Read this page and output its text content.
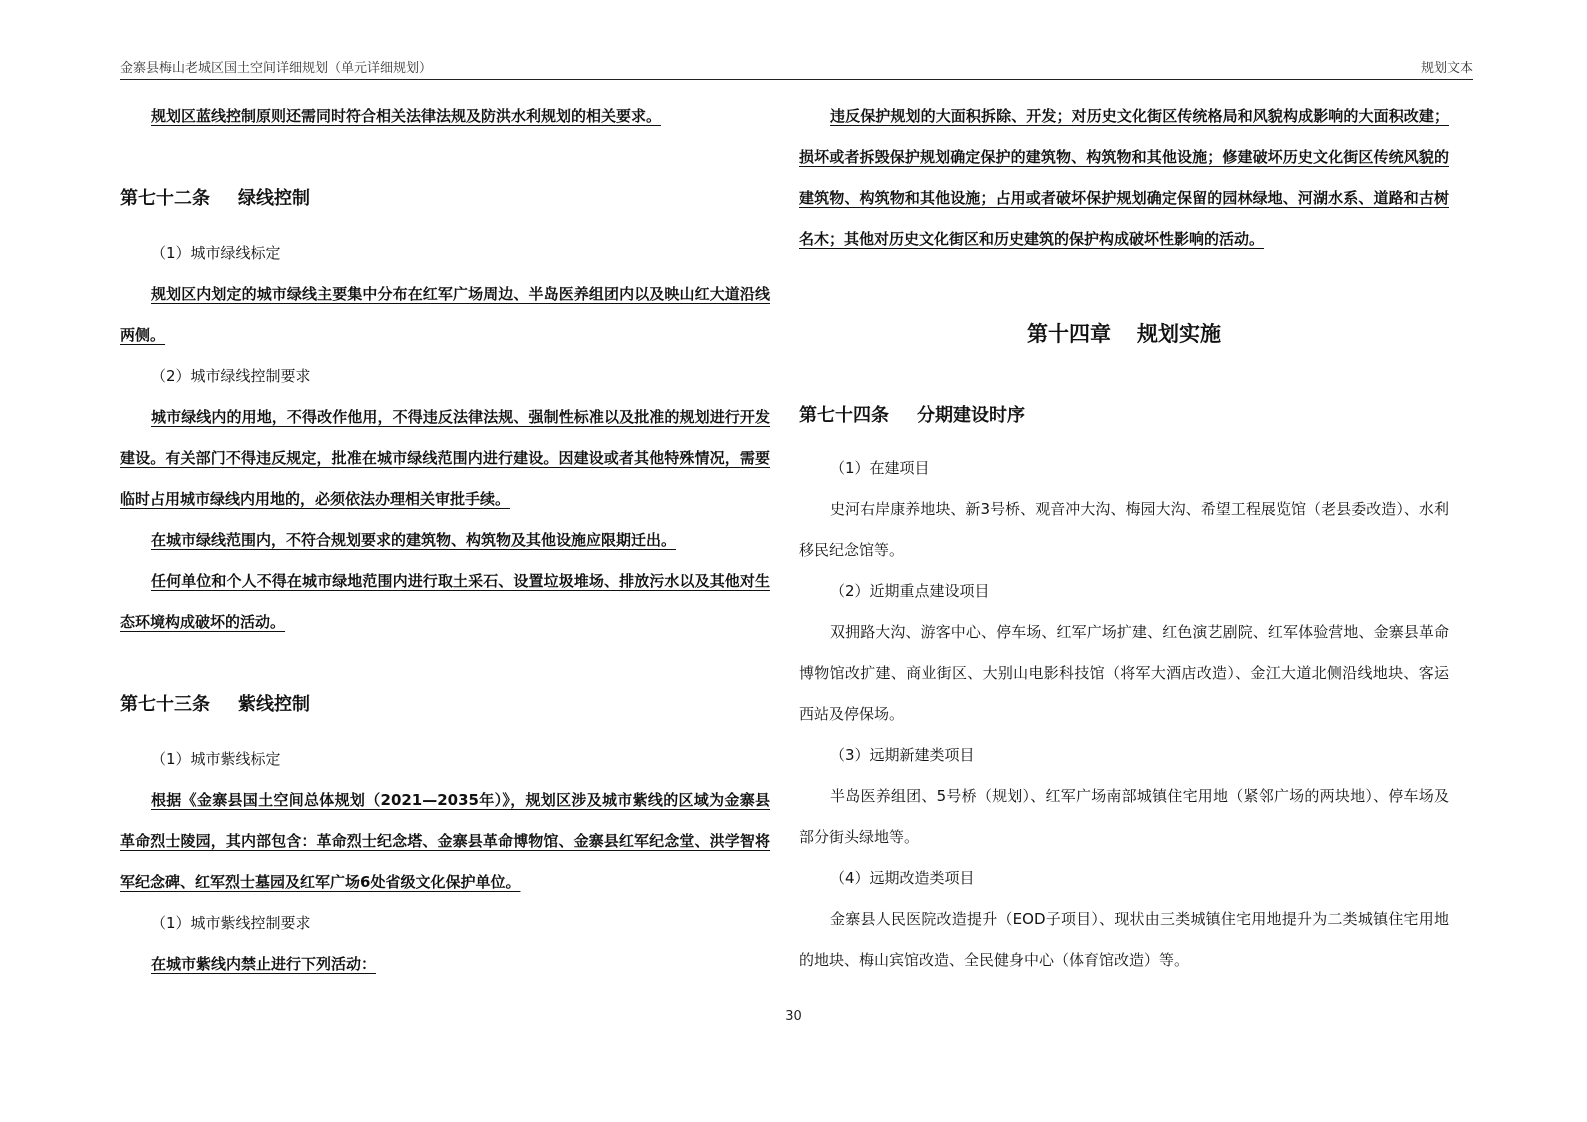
金寨县梅山老城区国土空间详细规划（单元详细规划）	规划文本

规划区蓝线控制原则还需同时符合相关法律法规及防洪水利规划的相关要求。

第七十二条 绿线控制

（1）城市绿线标定

规划区内划定的城市绿线主要集中分布在红军广场周边、半岛医养组团内以及映山红大道沿线两侧。

（2）城市绿线控制要求

城市绿线内的用地，不得改作他用，不得违反法律法规、强制性标准以及批准的规划进行开发建设。有关部门不得违反规定，批准在城市绿线范围内进行建设。因建设或者其他特殊情况，需要临时占用城市绿线内用地的，必须依法办理相关审批手续。

在城市绿线范围内，不符合规划要求的建筑物、构筑物及其他设施应限期迁出。

任何单位和个人不得在城市绿地范围内进行取土采石、设置垃圾堆场、排放污水以及其他对生态环境构成破坏的活动。

第七十三条 紫线控制

（1）城市紫线标定

根据《金寨县国土空间总体规划（2021—2035年）》，规划区涉及城市紫线的区域为金寨县革命烈士陵园，其内部包含：革命烈士纪念塔、金寨县革命博物馆、金寨县红军纪念堂、洪学智将军纪念碑、红军烈士墓园及红军广场6处省级文化保护单位。

（1）城市紫线控制要求

在城市紫线内禁止进行下列活动：

违反保护规划的大面积拆除、开发；对历史文化街区传统格局和风貌构成影响的大面积改建；损坏或者拆毁保护规划确定保护的建筑物、构筑物和其他设施；修建破坏历史文化街区传统风貌的建筑物、构筑物和其他设施；占用或者破坏保护规划确定保留的园林绿地、河湖水系、道路和古树名木；其他对历史文化街区和历史建筑的保护构成破坏性影响的活动。

第十四章 规划实施

第七十四条 分期建设时序

（1）在建项目

史河右岸康养地块、新3号桥、观音冲大沟、梅园大沟、希望工程展览馆（老县委改造）、水利移民纪念馆等。

（2）近期重点建设项目

双拥路大沟、游客中心、停车场、红军广场扩建、红色演艺剧院、红军体验营地、金寨县革命博物馆改扩建、商业街区、大别山电影科技馆（将军大酒店改造）、金江大道北侧沿线地块、客运西站及停保场。

（3）远期新建类项目

半岛医养组团、5号桥（规划）、红军广场南部城镇住宅用地（紧邻广场的两块地）、停车场及部分街头绿地等。

（4）远期改造类项目

金寨县人民医院改造提升（EOD子项目）、现状由三类城镇住宅用地提升为二类城镇住宅用地的地块、梅山宾馆改造、全民健身中心（体育馆改造）等。

30
